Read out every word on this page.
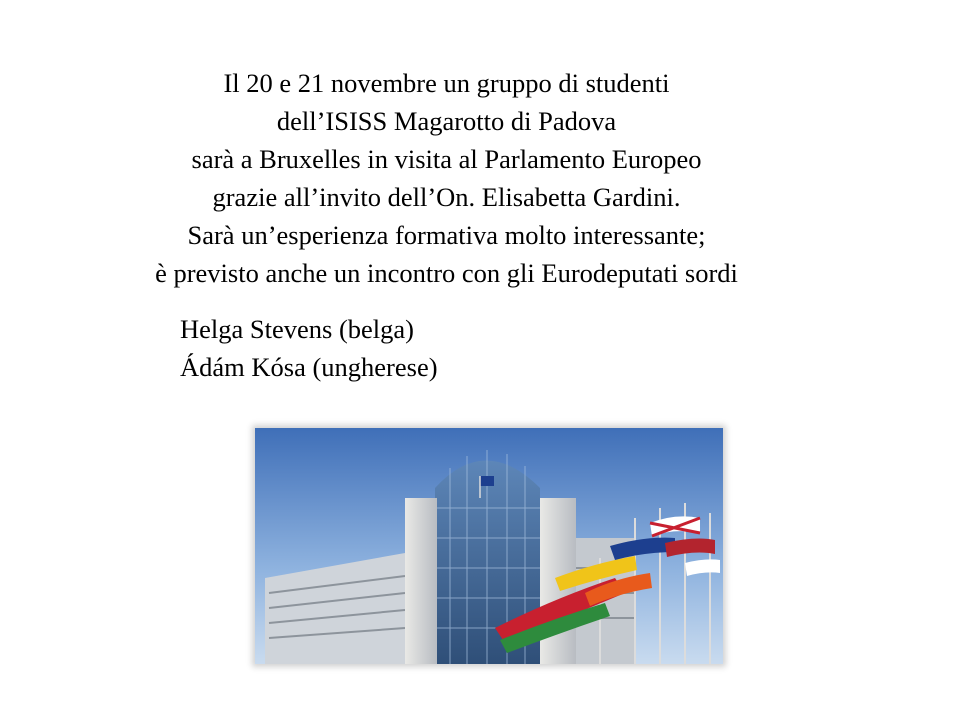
Il 20 e 21 novembre un gruppo di studenti
dell’ISISS Magarotto di Padova
sarà a Bruxelles in visita al Parlamento Europeo
grazie all’invito dell’On. Elisabetta Gardini.
Sarà un’esperienza formativa molto interessante;
è previsto anche un incontro con gli Eurodeputati sordi
Helga Stevens (belga)
Ádám Kósa (ungherese)
